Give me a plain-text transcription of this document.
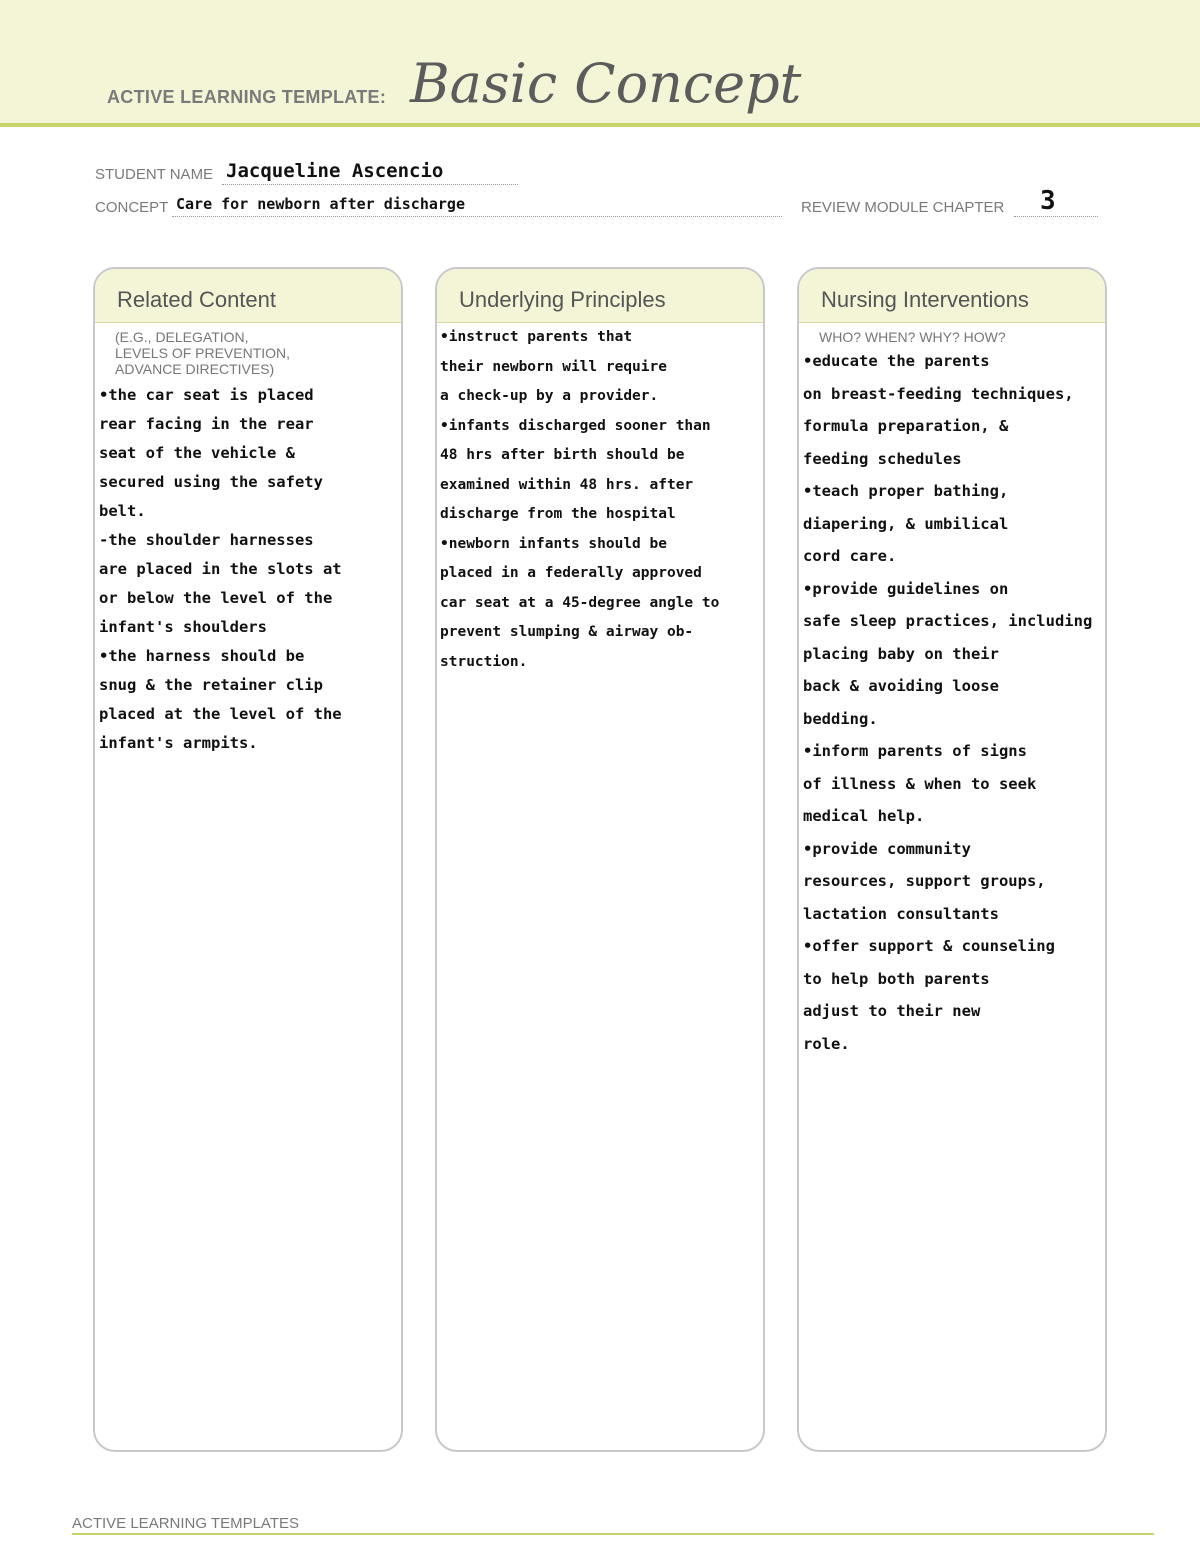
ACTIVE LEARNING TEMPLATE: Basic Concept
STUDENT NAME Jacqueline Ascencio
CONCEPT Care for newborn after discharge	REVIEW MODULE CHAPTER 3
Related Content
(E.G., DELEGATION,
LEVELS OF PREVENTION,
ADVANCE DIRECTIVES)
•the car seat is placed
rear facing in the rear
seat of the vehicle &
secured using the safety
belt.
-the shoulder harnesses
are placed in the slots at
or below the level of the
infant's shoulders
•the harness should be
snug & the retainer clip
placed at the level of the
infant's armpits.
Underlying Principles
•instruct parents that
their newborn will require
a check-up by a provider.
•infants discharged sooner than
48 hrs after birth should be
examined within 48 hrs. after
discharge from the hospital
•newborn infants should be
placed in a federally approved
car seat at a 45-degree angle to
prevent slumping & airway ob-
struction.
Nursing Interventions
WHO? WHEN? WHY? HOW?
•educate the parents
on breast-feeding techniques,
formula preparation, &
feeding schedules
•teach proper bathing,
diapering, & umbilical
cord care.
•provide guidelines on
safe sleep practices, including
placing baby on their
back & avoiding loose
bedding.
•inform parents of signs
of illness & when to seek
medical help.
•provide community
resources, support groups,
lactation consultants
•offer support & counseling
to help both parents
adjust to their new
role.
ACTIVE LEARNING TEMPLATES
